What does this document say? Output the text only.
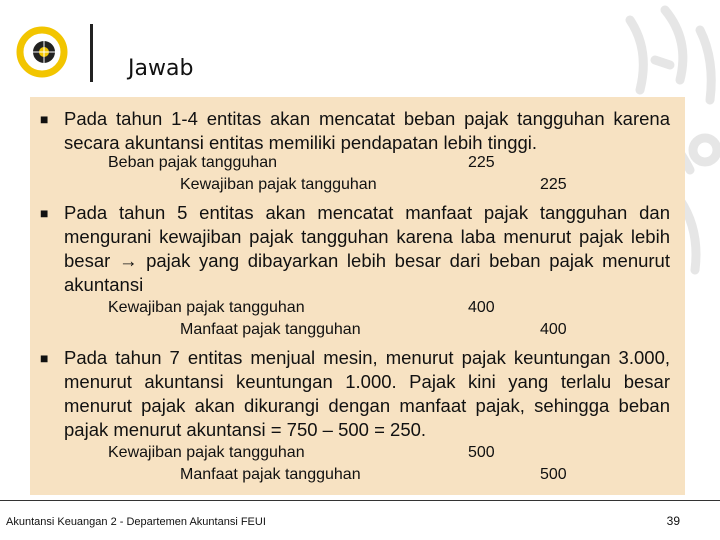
Jawab
■ Pada tahun 1-4 entitas akan mencatat beban pajak tangguhan karena secara akuntansi entitas memiliki pendapatan lebih tinggi.
Beban pajak tangguhan	225
Kewajiban pajak tangguhan	225
■ Pada tahun 5 entitas akan mencatat manfaat pajak tangguhan dan mengurani kewajiban pajak tangguhan karena laba menurut pajak lebih besar → pajak yang dibayarkan lebih besar dari beban pajak menurut akuntansi
Kewajiban pajak tangguhan	400
Manfaat pajak tangguhan	400
■ Pada tahun 7 entitas menjual mesin, menurut pajak keuntungan 3.000, menurut akuntansi keuntungan 1.000. Pajak kini yang terlalu besar menurut pajak akan dikurangi dengan manfaat pajak, sehingga beban pajak menurut akuntansi = 750 – 500 = 250.
Kewajiban pajak tangguhan	500
Manfaat pajak tangguhan	500
Akuntansi Keuangan 2 - Departemen Akuntansi FEUI	39
